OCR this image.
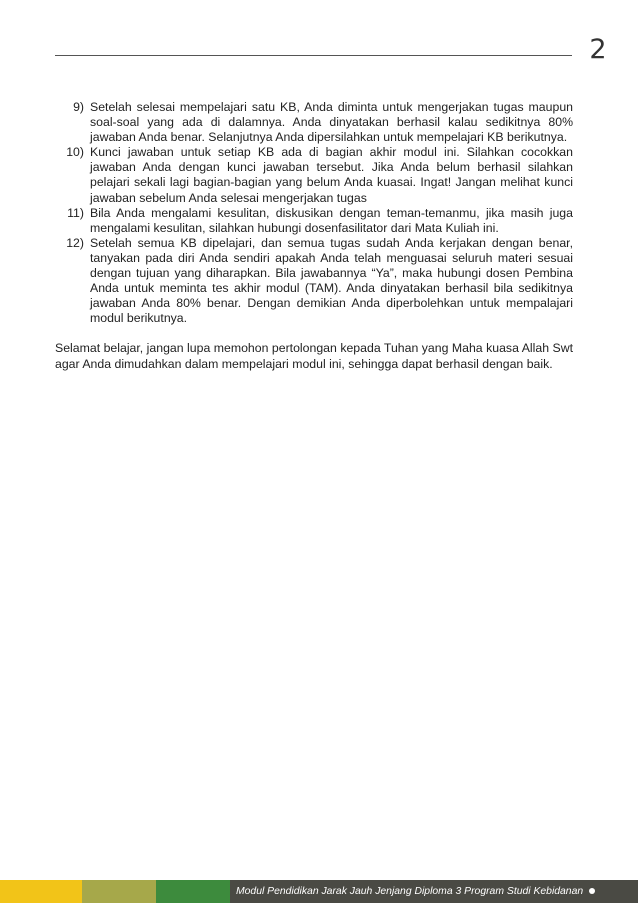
2
9) Setelah selesai mempelajari satu KB, Anda diminta untuk mengerjakan tugas maupun soal-soal yang ada di dalamnya. Anda dinyatakan berhasil kalau sedikitnya 80% jawaban Anda benar. Selanjutnya Anda dipersilahkan untuk mempelajari KB berikutnya.
10) Kunci jawaban untuk setiap KB ada di bagian akhir modul ini. Silahkan cocokkan jawaban Anda dengan kunci jawaban tersebut. Jika Anda belum berhasil silahkan pelajari sekali lagi bagian-bagian yang belum Anda kuasai. Ingat! Jangan melihat kunci jawaban sebelum Anda selesai mengerjakan tugas
11) Bila Anda mengalami kesulitan, diskusikan dengan teman-temanmu, jika masih juga mengalami kesulitan, silahkan hubungi dosenfasilitator dari Mata Kuliah ini.
12) Setelah semua KB dipelajari, dan semua tugas sudah Anda kerjakan dengan benar, tanyakan pada diri Anda sendiri apakah Anda telah menguasai seluruh materi sesuai dengan tujuan yang diharapkan. Bila jawabannya “Ya”, maka hubungi dosen Pembina Anda untuk meminta tes akhir modul (TAM). Anda dinyatakan berhasil bila sedikitnya jawaban Anda 80% benar. Dengan demikian Anda diperbolehkan untuk mempalajari modul berikutnya.

Selamat belajar, jangan lupa memohon pertolongan kepada Tuhan yang Maha kuasa Allah Swt agar Anda dimudahkan dalam mempelajari modul ini, sehingga dapat berhasil dengan baik.

Modul Pendidikan Jarak Jauh Jenjang Diploma 3 Program Studi Kebidanan
